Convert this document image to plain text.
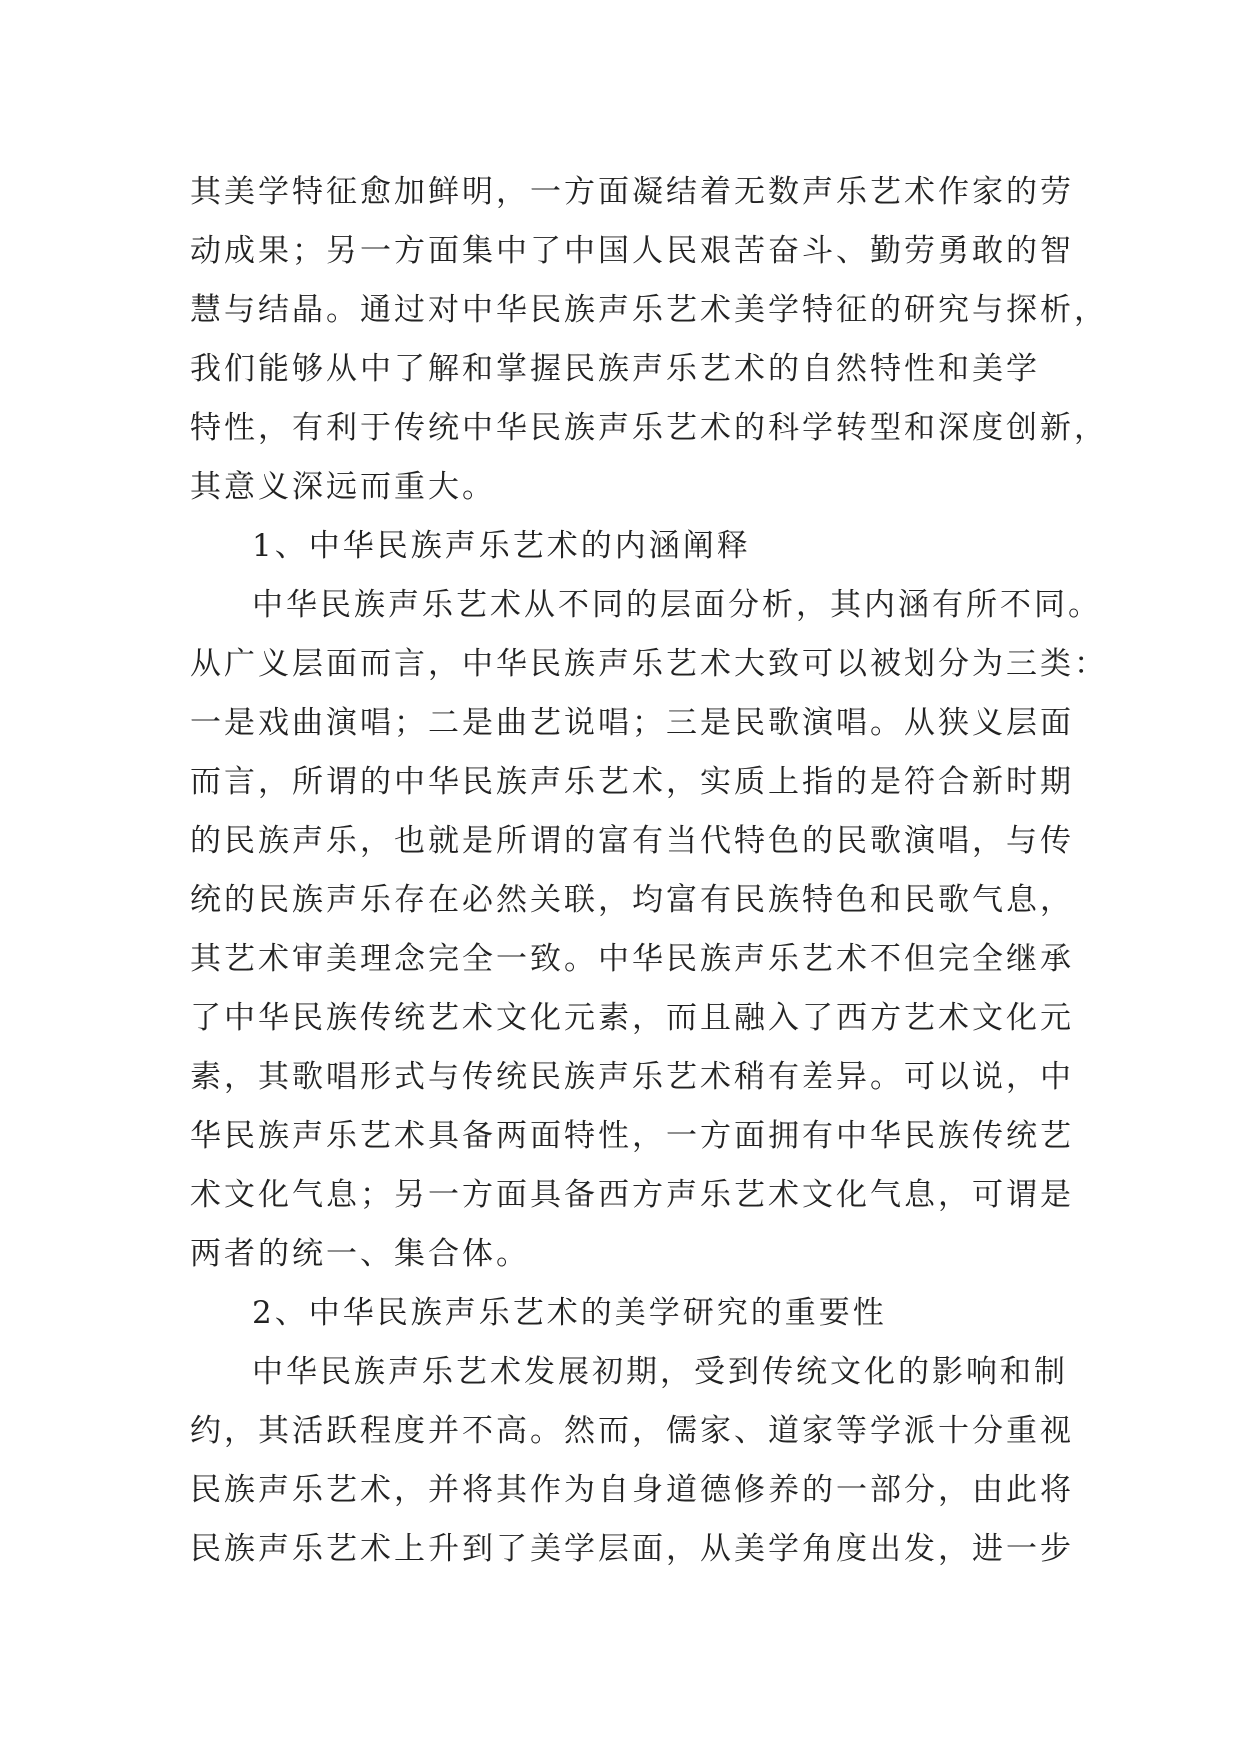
其美学特征愈加鲜明，一方面凝结着无数声乐艺术作家的劳
动成果；另一方面集中了中国人民艰苦奋斗、勤劳勇敢的智
慧与结晶。通过对中华民族声乐艺术美学特征的研究与探析，
我们能够从中了解和掌握民族声乐艺术的自然特性和美学
特性，有利于传统中华民族声乐艺术的科学转型和深度创新，
其意义深远而重大。
1、中华民族声乐艺术的内涵阐释
中华民族声乐艺术从不同的层面分析，其内涵有所不同。
从广义层面而言，中华民族声乐艺术大致可以被划分为三类：
一是戏曲演唱；二是曲艺说唱；三是民歌演唱。从狭义层面
而言，所谓的中华民族声乐艺术，实质上指的是符合新时期
的民族声乐，也就是所谓的富有当代特色的民歌演唱，与传
统的民族声乐存在必然关联，均富有民族特色和民歌气息，
其艺术审美理念完全一致。中华民族声乐艺术不但完全继承
了中华民族传统艺术文化元素，而且融入了西方艺术文化元
素，其歌唱形式与传统民族声乐艺术稍有差异。可以说，中
华民族声乐艺术具备两面特性，一方面拥有中华民族传统艺
术文化气息；另一方面具备西方声乐艺术文化气息，可谓是
两者的统一、集合体。
2、中华民族声乐艺术的美学研究的重要性
中华民族声乐艺术发展初期，受到传统文化的影响和制
约，其活跃程度并不高。然而，儒家、道家等学派十分重视
民族声乐艺术，并将其作为自身道德修养的一部分，由此将
民族声乐艺术上升到了美学层面，从美学角度出发，进一步
